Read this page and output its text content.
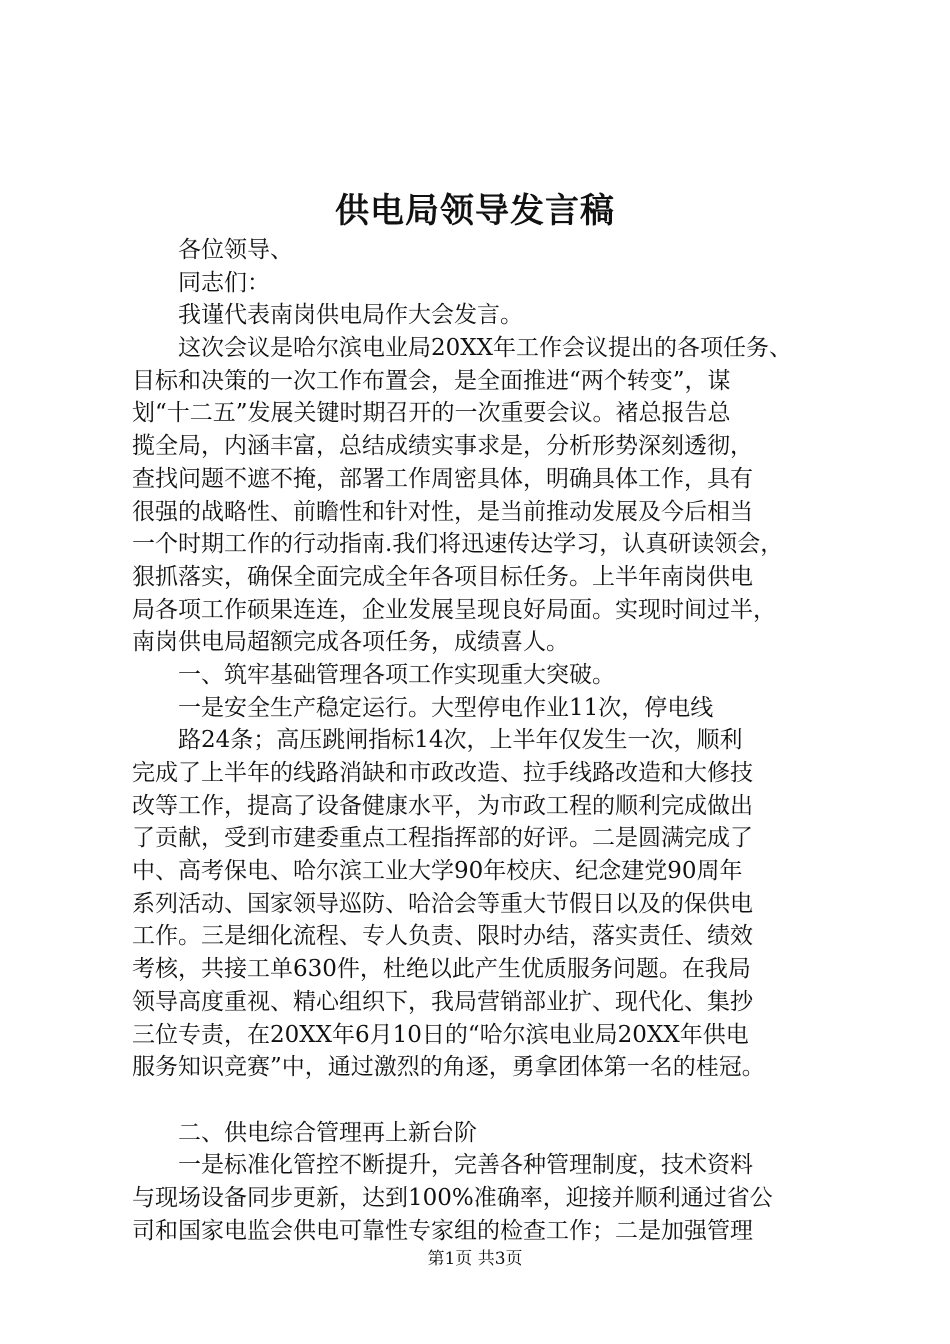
供电局领导发言稿
　　各位领导、
　　同志们：
　　我谨代表南岗供电局作大会发言。
　　这次会议是哈尔滨电业局20XX年工作会议提出的各项任务、
目标和决策的一次工作布置会，是全面推进“两个转变”，谋
划“十二五”发展关键时期召开的一次重要会议。褚总报告总
揽全局，内涵丰富，总结成绩实事求是，分析形势深刻透彻，
查找问题不遮不掩，部署工作周密具体，明确具体工作，具有
很强的战略性、前瞻性和针对性，是当前推动发展及今后相当
一个时期工作的行动指南.我们将迅速传达学习，认真研读领会，
狠抓落实，确保全面完成全年各项目标任务。上半年南岗供电
局各项工作硕果连连，企业发展呈现良好局面。实现时间过半，
南岗供电局超额完成各项任务，成绩喜人。
　　一、筑牢基础管理各项工作实现重大突破。
　　一是安全生产稳定运行。大型停电作业11次，停电线
　　路24条；高压跳闸指标14次，上半年仅发生一次，顺利
完成了上半年的线路消缺和市政改造、拉手线路改造和大修技
改等工作，提高了设备健康水平，为市政工程的顺利完成做出
了贡献，受到市建委重点工程指挥部的好评。二是圆满完成了
中、高考保电、哈尔滨工业大学90年校庆、纪念建党90周年
系列活动、国家领导巡防、哈洽会等重大节假日以及的保供电
工作。三是细化流程、专人负责、限时办结，落实责任、绩效
考核，共接工单630件，杜绝以此产生优质服务问题。在我局
领导高度重视、精心组织下，我局营销部业扩、现代化、集抄
三位专责，在20XX年6月10日的“哈尔滨电业局20XX年供电
服务知识竞赛”中，通过激烈的角逐，勇拿团体第一名的桂冠。
　　二、供电综合管理再上新台阶
　　一是标准化管控不断提升，完善各种管理制度，技术资料
与现场设备同步更新，达到100%准确率，迎接并顺利通过省公
司和国家电监会供电可靠性专家组的检查工作；二是加强管理
第1页 共3页
